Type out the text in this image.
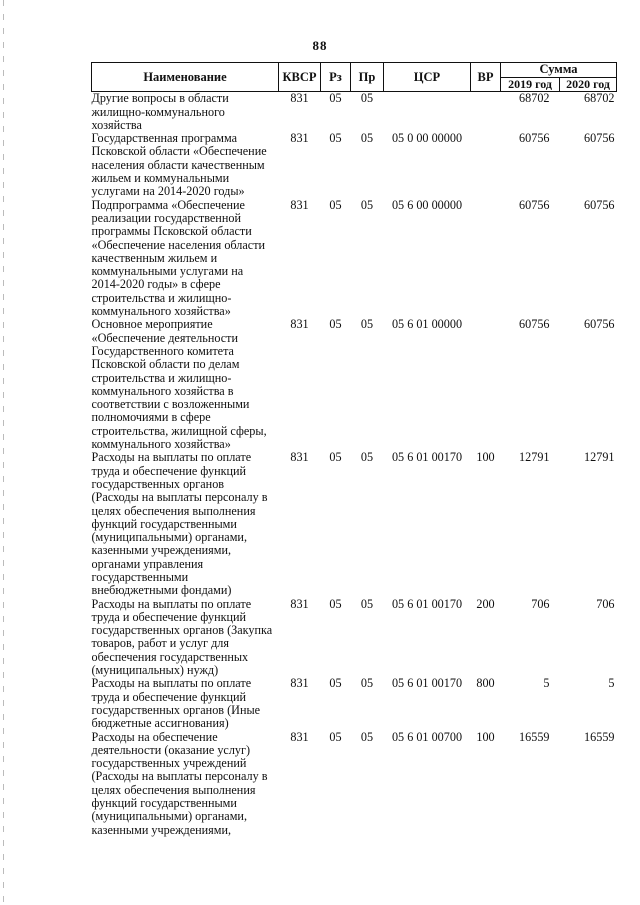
88
Наименование	КВСР	Рз	Пр	ЦСР	ВР	Сумма	
						2019 год	2020 год
Другие вопросы в области жилищно-коммунального хозяйства	831	05	05			68702	68702
Государственная программа Псковской области «Обеспечение населения области качественным жильем и коммунальными услугами на 2014-2020 годы»	831	05	05	05 0 00 00000		60756	60756
Подпрограмма «Обеспечение реализации государственной программы Псковской области «Обеспечение населения области качественным жильем и коммунальными услугами на 2014-2020 годы» в сфере строительства и жилищно-коммунального хозяйства»	831	05	05	05 6 00 00000		60756	60756
Основное мероприятие «Обеспечение деятельности Государственного комитета Псковской области по делам строительства и жилищно-коммунального хозяйства в соответствии с возложенными полномочиями в сфере строительства, жилищной сферы, коммунального хозяйства»	831	05	05	05 6 01 00000		60756	60756
Расходы на выплаты по оплате труда и обеспечение функций государственных органов (Расходы на выплаты персоналу в целях обеспечения выполнения функций государственными (муниципальными) органами, казенными учреждениями, органами управления государственными внебюджетными фондами)	831	05	05	05 6 01 00170	100	12791	12791
Расходы на выплаты по оплате труда и обеспечение функций государственных органов (Закупка товаров, работ и услуг для обеспечения государственных (муниципальных) нужд)	831	05	05	05 6 01 00170	200	706	706
Расходы на выплаты по оплате труда и обеспечение функций государственных органов (Иные бюджетные ассигнования)	831	05	05	05 6 01 00170	800	5	5
Расходы на обеспечение деятельности (оказание услуг) государственных учреждений (Расходы на выплаты персоналу в целях обеспечения выполнения функций государственными (муниципальными) органами, казенными учреждениями,	831	05	05	05 6 01 00700	100	16559	16559
